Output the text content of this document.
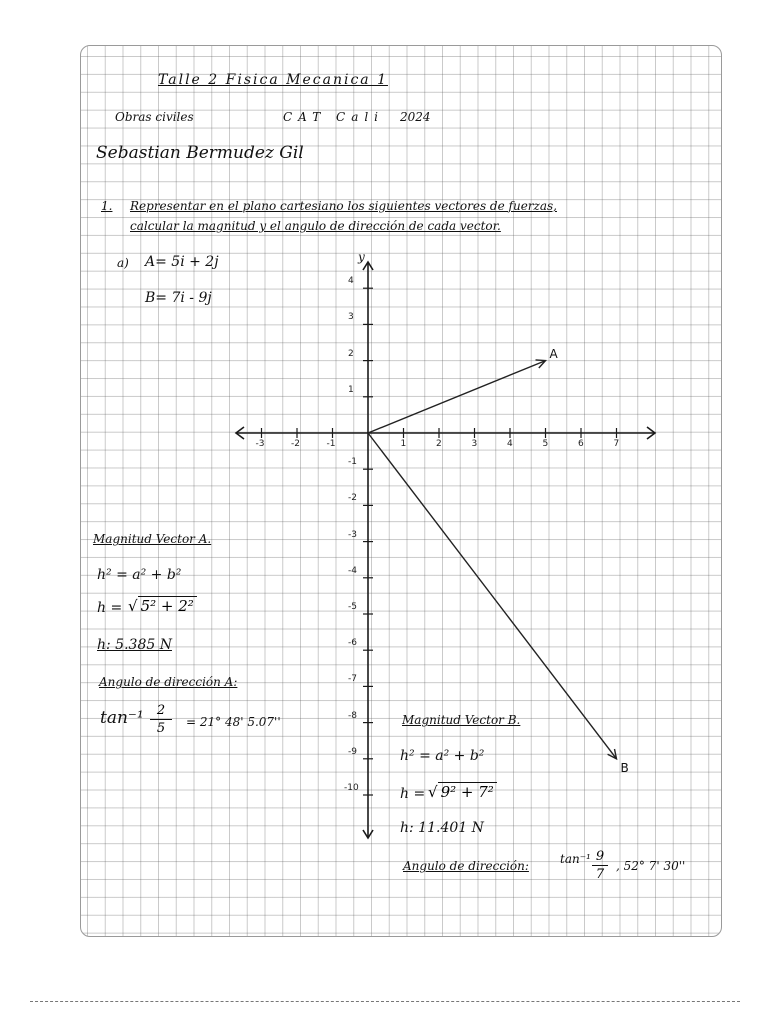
Talle 2 Fisica Mecanica 1
Obras civiles	CAT Cali 2024
Sebastian Bermudez Gil
1. Representar en el plano cartesiano los siguientes vectores de fuerzas,
calcular la magnitud y el angulo de dirección de cada vector.
a) A= 5i + 2j
B= 7i - 9j
y
-3	-2	-1	1	2	3	4	5	6	7
4
3
2
1
-1
-2
-3
-4
-5
-6
-7
-8
-9
-10
A
B
Magnitud Vector A.
h² = a² + b²
h = √ 5² + 2²
h: 5.385 N
Angulo de dirección A:
tan⁻¹	2
5	= 21° 48' 5.07''	Magnitud Vector B.
h² = a² + b²
h = √ 9² + 7²
h: 11.401 N
Angulo de dirección:	tan⁻¹ 9
7
, 52° 7' 30''
